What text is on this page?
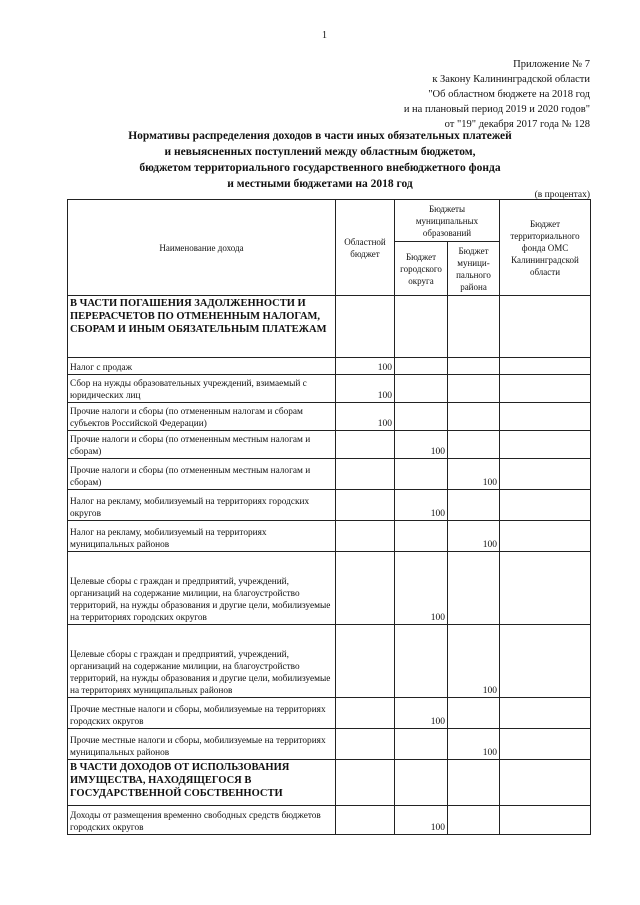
1
Приложение № 7
к Закону Калининградской области
"Об областном бюджете на 2018 год
и на плановый период 2019 и 2020 годов"
от "19" декабря 2017 года № 128
Нормативы распределения доходов в части иных обязательных платежей
и невыясненных поступлений между областным бюджетом,
бюджетом территориального государственного внебюджетного фонда
и местными бюджетами на 2018 год
(в процентах)
Наименование дохода	Областной бюджет	Бюджеты муниципальных образований		Бюджет территориального фонда ОМС Калининградской области
		Бюджет городского округа	Бюджет муници-пального района	
В ЧАСТИ ПОГАШЕНИЯ ЗАДОЛЖЕННОСТИ И ПЕРЕРАСЧЕТОВ ПО ОТМЕНЕННЫМ НАЛОГАМ, СБОРАМ И ИНЫМ ОБЯЗАТЕЛЬНЫМ ПЛАТЕЖАМ				
Налог с продаж	100			
Сбор на нужды образовательных учреждений, взимаемый с юридических лиц	100			
Прочие налоги и сборы (по отмененным налогам и сборам субъектов Российской Федерации)	100			
Прочие налоги и сборы (по отмененным местным налогам и сборам)		100		
Прочие налоги и сборы (по отмененным местным налогам и сборам)			100	
Налог на рекламу, мобилизуемый на территориях городских округов		100		
Налог на рекламу, мобилизуемый на территориях муниципальных районов			100	
Целевые сборы с граждан и предприятий, учреждений, организаций на содержание милиции, на благоустройство территорий, на нужды образования и другие цели, мобилизуемые на территориях городских округов		100		
Целевые сборы с граждан и предприятий, учреждений, организаций на содержание милиции, на благоустройство территорий, на нужды образования и другие цели, мобилизуемые на территориях муниципальных районов			100	
Прочие местные налоги и сборы, мобилизуемые на территориях городских округов		100		
Прочие местные налоги и сборы, мобилизуемые на территориях муниципальных районов			100	
В ЧАСТИ ДОХОДОВ ОТ ИСПОЛЬЗОВАНИЯ ИМУЩЕСТВА, НАХОДЯЩЕГОСЯ В ГОСУДАРСТВЕННОЙ СОБСТВЕННОСТИ				
Доходы от размещения временно свободных средств бюджетов городских округов		100		
